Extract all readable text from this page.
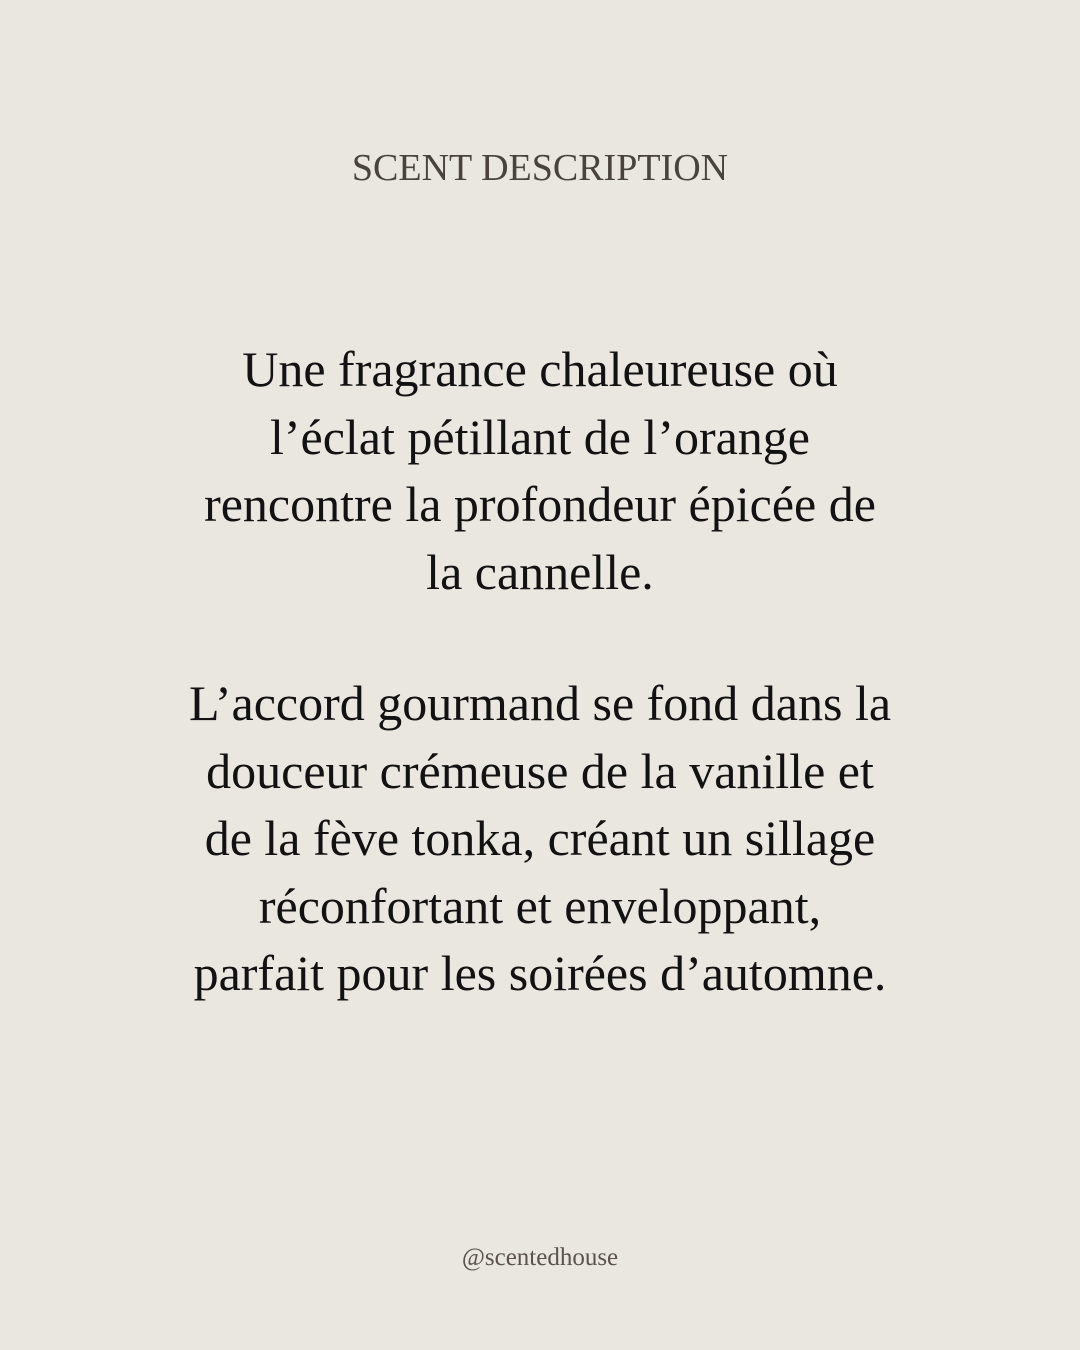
SCENT DESCRIPTION

Une fragrance chaleureuse où
l’éclat pétillant de l’orange
rencontre la profondeur épicée de
la cannelle.

L’accord gourmand se fond dans la
douceur crémeuse de la vanille et
de la fève tonka, créant un sillage
réconfortant et enveloppant,
parfait pour les soirées d’automne.

@scentedhouse
